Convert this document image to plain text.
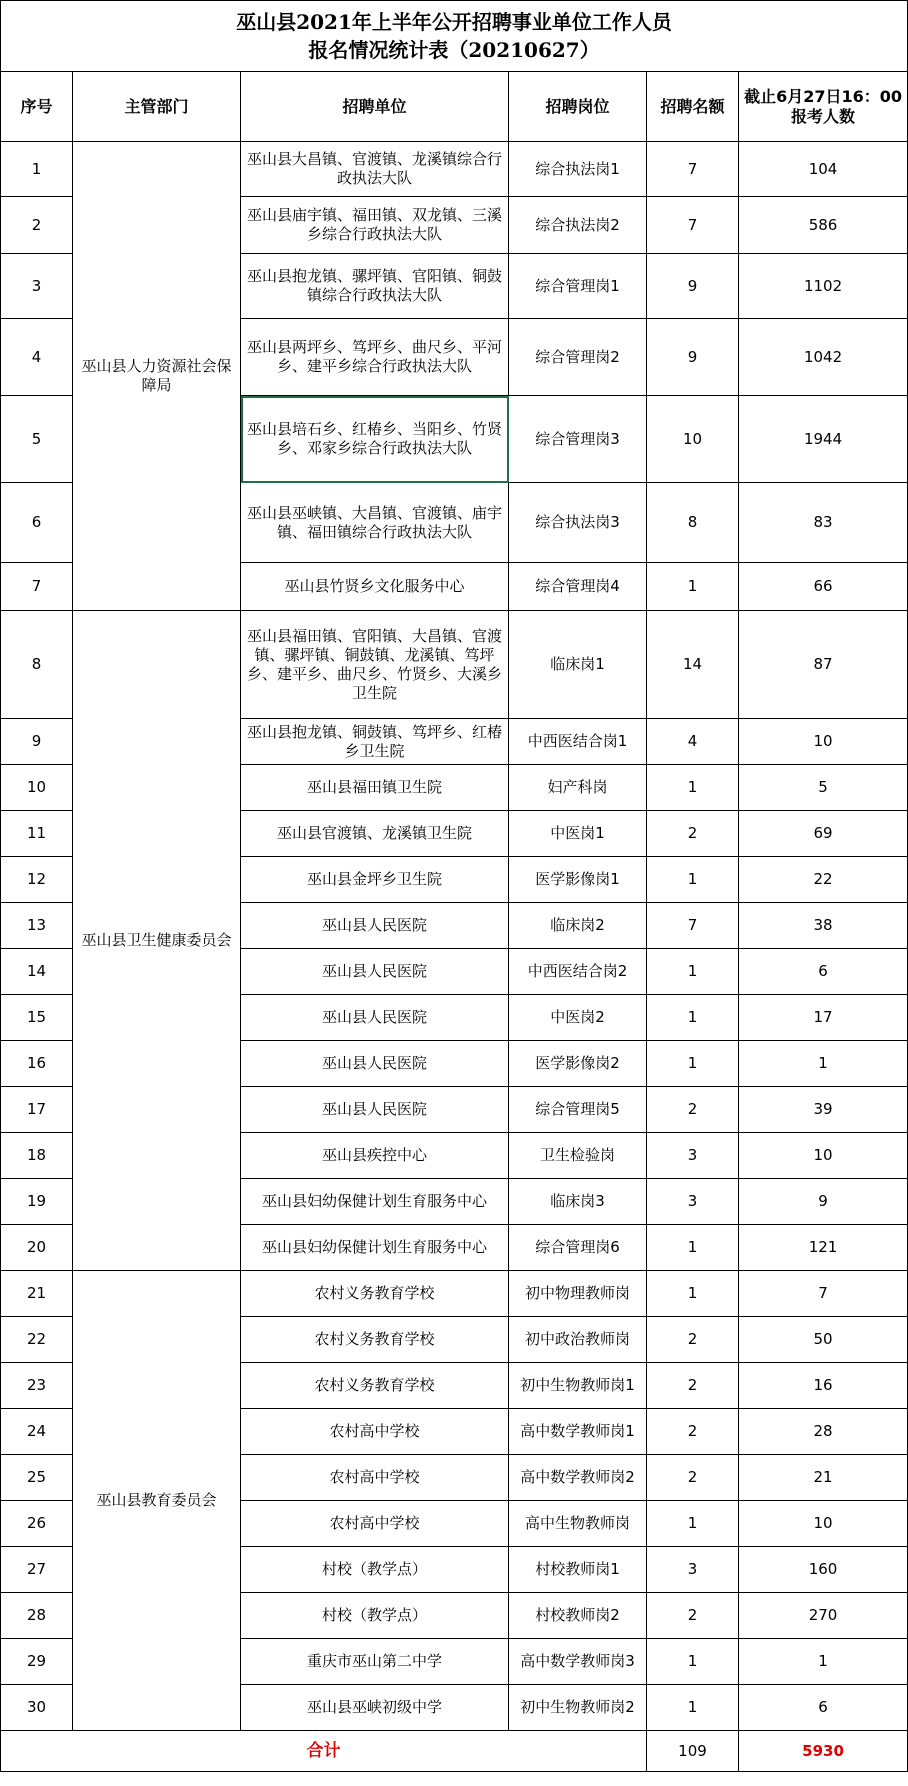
巫山县2021年上半年公开招聘事业单位工作人员
报名情况统计表（20210627）					

序号	主管部门	招聘单位	招聘岗位	招聘名额	截止6月27日16：00
报考人数

1	巫山县人力资源社会保障局	巫山县大昌镇、官渡镇、龙溪镇综合行政执法大队	综合执法岗1	7	104
2		巫山县庙宇镇、福田镇、双龙镇、三溪乡综合行政执法大队	综合执法岗2	7	586
3		巫山县抱龙镇、骡坪镇、官阳镇、铜鼓镇综合行政执法大队	综合管理岗1	9	1102
4		巫山县两坪乡、笃坪乡、曲尺乡、平河乡、建平乡综合行政执法大队	综合管理岗2	9	1042
5		巫山县培石乡、红椿乡、当阳乡、竹贤乡、邓家乡综合行政执法大队	综合管理岗3	10	1944
6		巫山县巫峡镇、大昌镇、官渡镇、庙宇镇、福田镇综合行政执法大队	综合执法岗3	8	83
7		巫山县竹贤乡文化服务中心	综合管理岗4	1	66
8	巫山县卫生健康委员会	巫山县福田镇、官阳镇、大昌镇、官渡镇、骡坪镇、铜鼓镇、龙溪镇、笃坪乡、建平乡、曲尺乡、竹贤乡、大溪乡卫生院	临床岗1	14	87
9		巫山县抱龙镇、铜鼓镇、笃坪乡、红椿乡卫生院	中西医结合岗1	4	10
10		巫山县福田镇卫生院	妇产科岗	1	5
11		巫山县官渡镇、龙溪镇卫生院	中医岗1	2	69
12		巫山县金坪乡卫生院	医学影像岗1	1	22
13		巫山县人民医院	临床岗2	7	38
14		巫山县人民医院	中西医结合岗2	1	6
15		巫山县人民医院	中医岗2	1	17
16		巫山县人民医院	医学影像岗2	1	1
17		巫山县人民医院	综合管理岗5	2	39
18		巫山县疾控中心	卫生检验岗	3	10
19		巫山县妇幼保健计划生育服务中心	临床岗3	3	9
20		巫山县妇幼保健计划生育服务中心	综合管理岗6	1	121
21	巫山县教育委员会	农村义务教育学校	初中物理教师岗	1	7
22		农村义务教育学校	初中政治教师岗	2	50
23		农村义务教育学校	初中生物教师岗1	2	16
24		农村高中学校	高中数学教师岗1	2	28
25		农村高中学校	高中数学教师岗2	2	21
26		农村高中学校	高中生物教师岗	1	10
27		村校（教学点）	村校教师岗1	3	160
28		村校（教学点）	村校教师岗2	2	270
29		重庆市巫山第二中学	高中数学教师岗3	1	1
30		巫山县巫峡初级中学	初中生物教师岗2	1	6
合计				109	5930
